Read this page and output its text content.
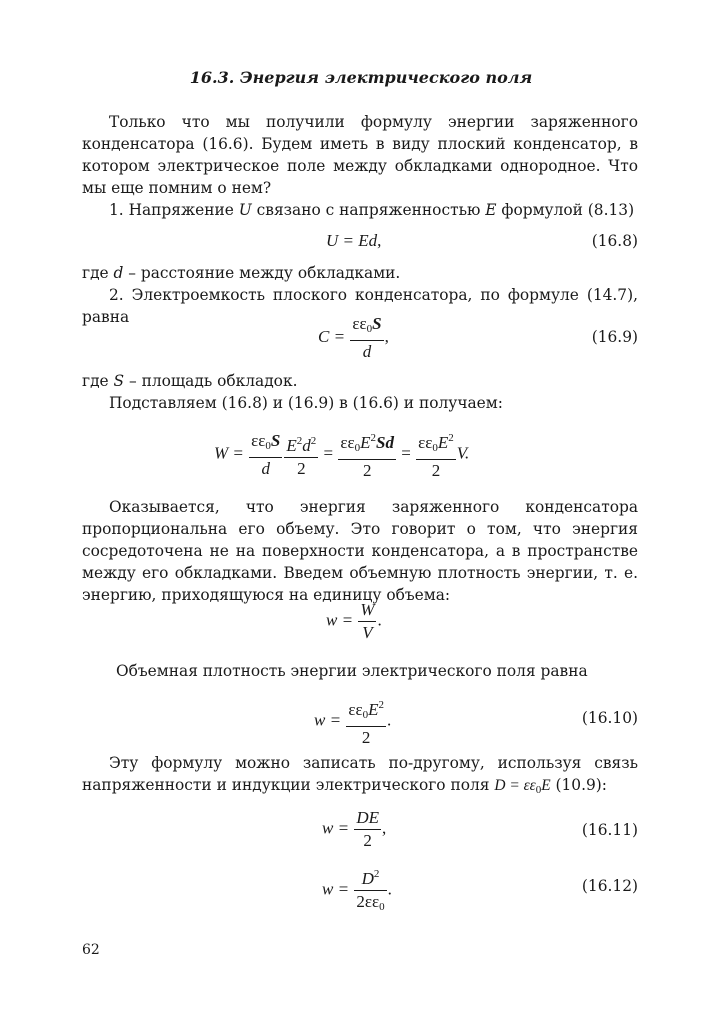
16.3. Энергия электрического поля

Только что мы получили формулу энергии заряженного конденсатора (16.6). Будем иметь в виду плоский конденсатор, в котором электрическое поле между обкладками однородное. Что мы еще помним о нем?

1. Напряжение U связано с напряженностью E формулой (8.13)

U = Ed,	(16.8)

где d – расстояние между обкладками.

2. Электроемкость плоского конденсатора, по формуле (14.7), равна

$C = \frac{\varepsilon\varepsilon_0S}{d}$ ,	(16.9)

где S – площадь обкладок.

Подставляем (16.8) и (16.9) в (16.6) и получаем:

$W = \frac{\varepsilon\varepsilon_0S}{d} \frac{E^2d^2}{2} = \frac{\varepsilon\varepsilon_0E^2Sd}{2} = \frac{\varepsilon\varepsilon_0E^2}{2} V$.

Оказывается, что энергия заряженного конденсатора пропорциональна его объему. Это говорит о том, что энергия сосредоточена не на поверхности конденсатора, а в пространстве между его обкладками. Введем объемную плотность энергии, т. е. энергию, приходящуюся на единицу объема:

$w = \frac{W}{V}$ .

Объемная плотность энергии электрического поля равна

$w = \frac{\varepsilon\varepsilon_0E^2}{2}$ .	(16.10)

Эту формулу можно записать по-другому, используя связь напряженности и индукции электрического поля $D = \varepsilon\varepsilon_0E$ (10.9):

$w = \frac{DE}{2}$ ,	(16.11)
$w = \frac{D^2}{2\varepsilon\varepsilon_0}$ .	(16.12)
62
